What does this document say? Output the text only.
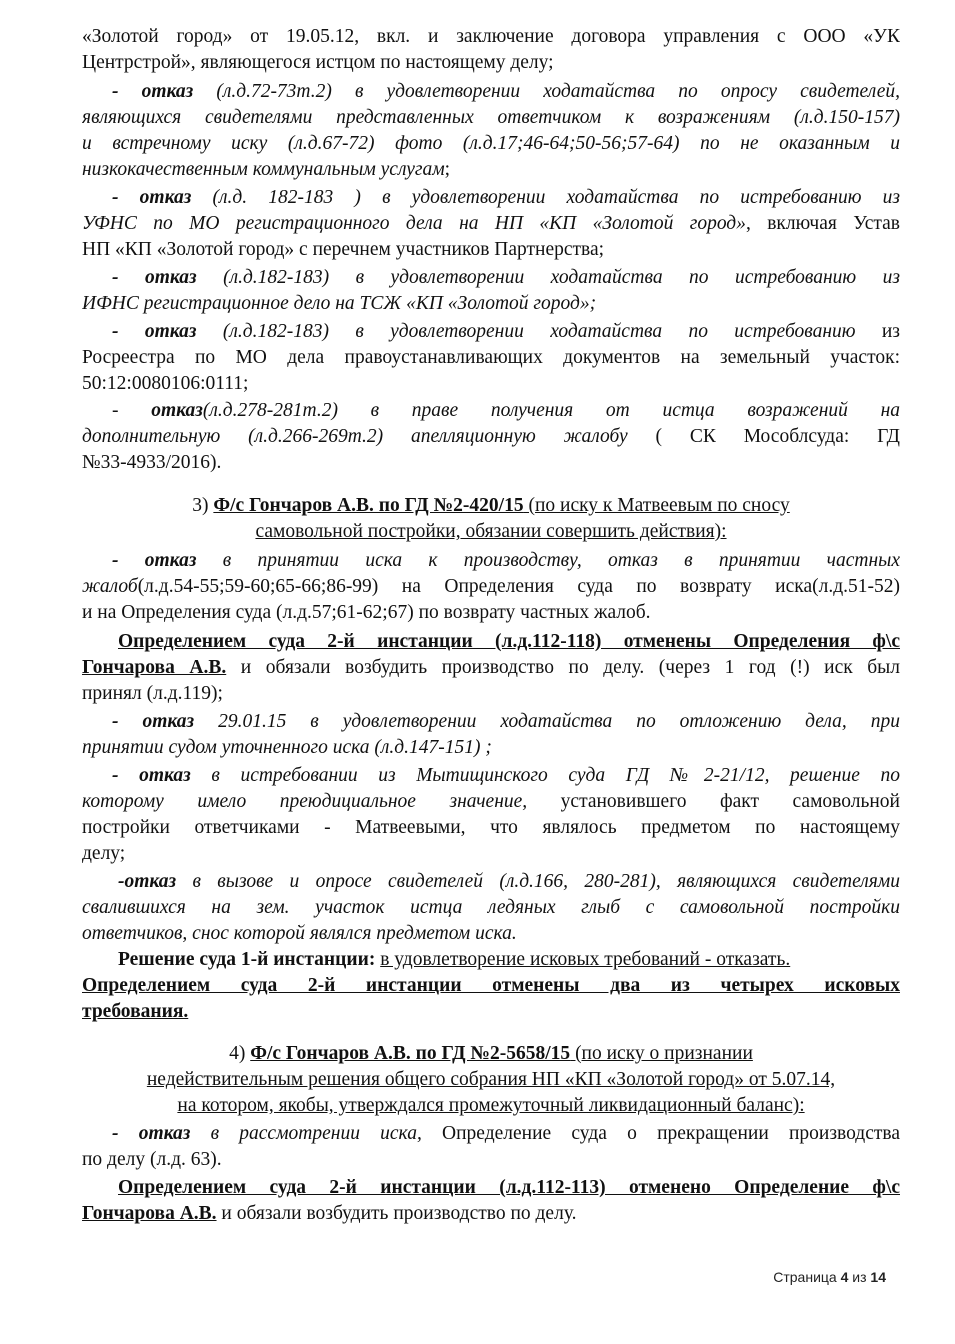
«Золотой город» от 19.05.12, вкл. и заключение договора управления с ООО «УК
Центрстрой», являющегося истцом по настоящему делу;
- отказ (л.д.72-73т.2) в удовлетворении ходатайства по опросу свидетелей,
являющихся свидетелями представленных ответчиком к возражениям (л.д.150-157)
и встречному иску (л.д.67-72) фото (л.д.17;46-64;50-56;57-64) по не оказанным и
низкокачественным коммунальным услугам;
- отказ (л.д. 182-183 ) в удовлетворении ходатайства по истребованию из
УФНС по МО регистрационного дела на НП «КП «Золотой город», включая Устав
НП «КП «Золотой город» с перечнем участников Партнерства;
- отказ (л.д.182-183) в удовлетворении ходатайства по истребованию из
ИФНС регистрационное дело на ТСЖ «КП «Золотой город»;
- отказ (л.д.182-183) в удовлетворении ходатайства по истребованию из
Росреестра по МО дела правоустанавливающих документов на земельный участок:
50:12:0080106:0111;
- отказ(л.д.278-281т.2) в праве получения от истца возражений на
дополнительную (л.д.266-269т.2) апелляционную жалобу ( СК Мособлсуда: ГД
№33-4933/2016).
3) Ф/с Гончаров А.В. по ГД №2-420/15 (по иску к Матвеевым по сносу
самовольной постройки, обязании совершить действия):
- отказ в принятии иска к производству, отказ в принятии частных
жалоб(л.д.54-55;59-60;65-66;86-99) на Определения суда по возврату иска(л.д.51-52)
и на Определения суда (л.д.57;61-62;67) по возврату частных жалоб.
Определением суда 2-й инстанции (л.д.112-118) отменены Определения ф\с
Гончарова А.В. и обязали возбудить производство по делу. (через 1 год (!) иск был
принял (л.д.119);
- отказ 29.01.15 в удовлетворении ходатайства по отложению дела, при
принятии судом уточненного иска (л.д.147-151) ;
- отказ в истребовании из Мытищинского суда ГД №2-21/12, решение по
которому имело преюдициальное значение, установившего факт самовольной
постройки ответчиками - Матвеевыми, что являлось предметом по настоящему
делу;
-отказ в вызове и опросе свидетелей (л.д.166, 280-281), являющихся свидетелями
свалившихся на зем. участок истца ледяных глыб с самовольной постройки
ответчиков, снос которой являлся предметом иска.
Решение суда 1-й инстанции: в удовлетворение исковых требований - отказать.
Определением суда 2-й инстанции отменены два из четырех исковых
требования.
4) Ф/с Гончаров А.В. по ГД №2-5658/15 (по иску о признании
недействительным решения общего собрания НП «КП «Золотой город» от 5.07.14,
на котором, якобы, утверждался промежуточный ликвидационный баланс):
- отказ в рассмотрении иска, Определение суда о прекращении производства
по делу (л.д. 63).
Определением суда 2-й инстанции (л.д.112-113) отменено Определение ф\с
Гончарова А.В. и обязали возбудить производство по делу.
Страница 4 из 14
